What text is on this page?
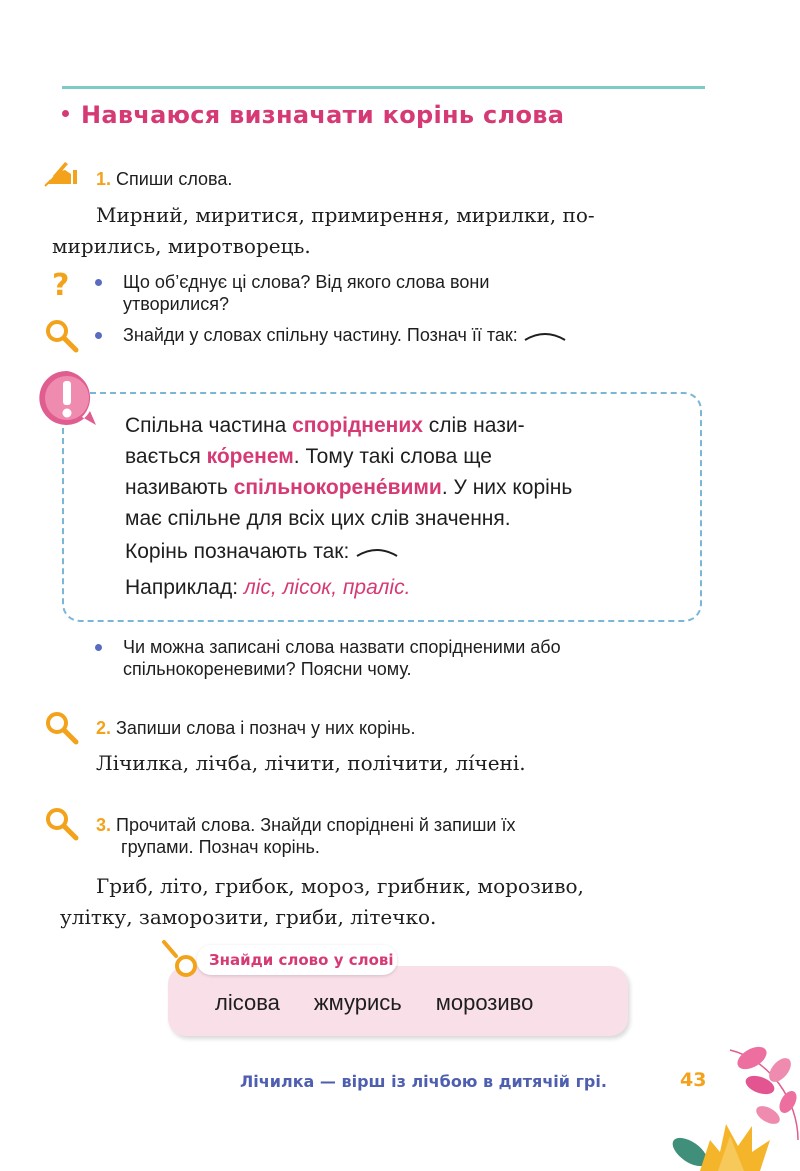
Навчаюся визначати корінь слова
1. Спиши слова.
Мирний, миритися, примирення, мирилки, по-
мирились, миротворець.
?	Що об’єднує ці слова? Від якого слова вони
утворилися?
Знайди у словах спільну частину. Познач її так:
Спільна частина споріднених слів нази-
вається ко́ренем. Тому такі слова ще
називають спільнокорене́вими. У них корінь
має спільне для всіх цих слів значення.
Корінь позначають так:
Наприклад: ліс, лісок, праліс.
Чи можна записані слова назвати спорідненими або
спільнокореневими? Поясни чому.
2. Запиши слова і познач у них корінь.
Лічилка, лічба, лічити, полічити, лі́чені.
3. Прочитай слова. Знайди споріднені й запиши їх
групами. Познач корінь.
Гриб, літо, грибок, мороз, грибник, морозиво,
улітку, заморозити, гриби, літечко.
Знайди слово у слові
лісова жмурись морозиво
Лічилка — вірш із лічбою в дитячій грі.	43
